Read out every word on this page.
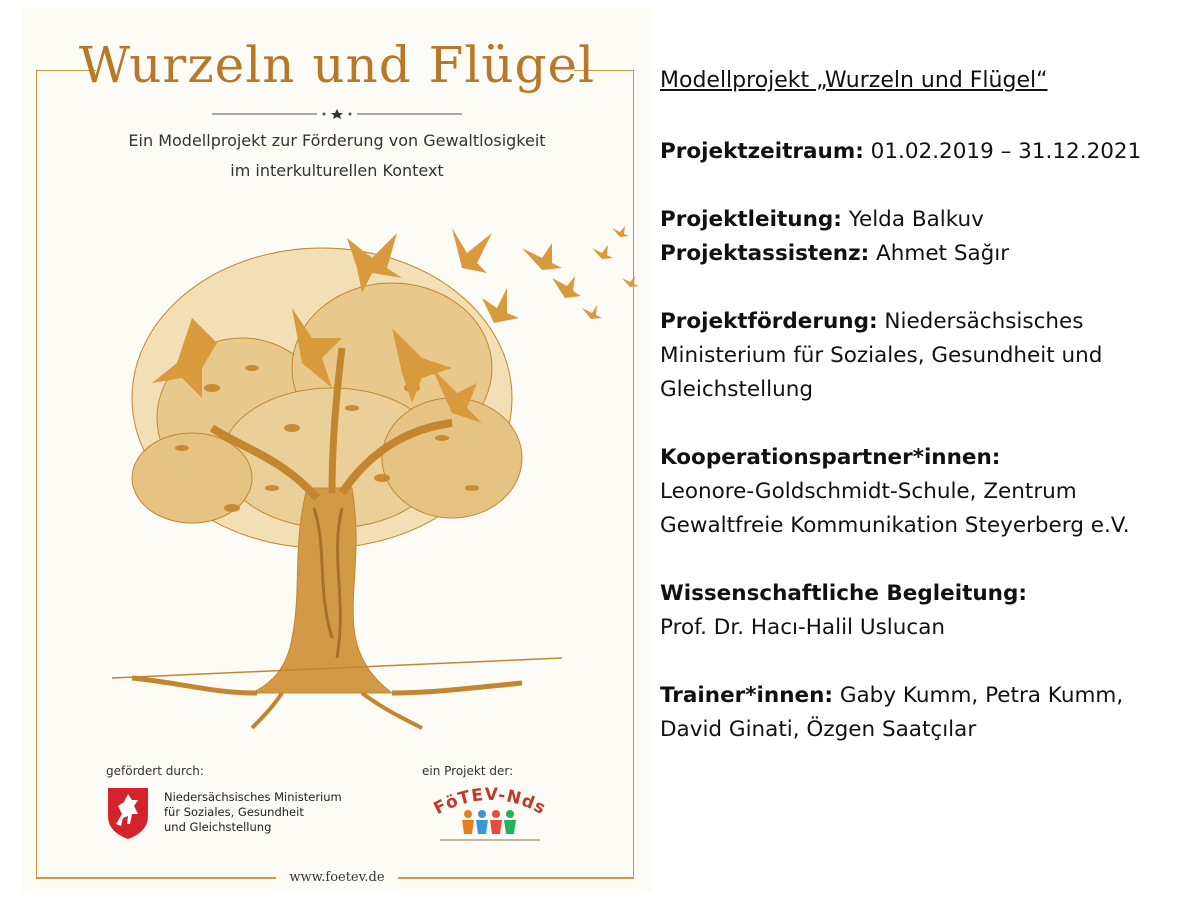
Wurzeln und Flügel
Ein Modellprojekt zur Förderung von Gewaltlosigkeit
im interkulturellen Kontext
gefördert durch:	ein Projekt der:
Niedersächsisches Ministerium
für Soziales, Gesundheit
und Gleichstellung
FöTEV-Nds
www.foetev.de
Modellprojekt „Wurzeln und Flügel“
Projektzeitraum: 01.02.2019 – 31.12.2021
Projektleitung: Yelda Balkuv
Projektassistenz: Ahmet Sağır
Projektförderung: Niedersächsisches
Ministerium für Soziales, Gesundheit und
Gleichstellung
Kooperationspartner*innen:
Leonore-Goldschmidt-Schule, Zentrum
Gewaltfreie Kommunikation Steyerberg e.V.
Wissenschaftliche Begleitung:
Prof. Dr. Hacı-Halil Uslucan
Trainer*innen: Gaby Kumm, Petra Kumm,
David Ginati, Özgen Saatçılar
